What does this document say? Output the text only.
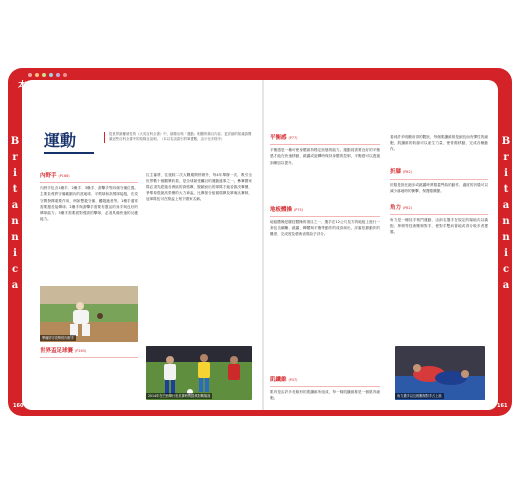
本書名詞索引 Index
四~七畫
B
r
i
t
a
n
n
i
c
a
B
r
i
t
a
n
n
i
c
a
160	161
運動	從世界最權威性的《大英百科全書》中，摘錄出與「運動」相關的條目內容，更詳細的知識請閱讀這些百科全書中的原條目說明。（本以名詞索引的筆畫數，由少至多排序）
內野手 (P168)
內野手包含1壘手、2壘手、3壘手、游擊手等四個守備位置。主要負責將守備範圍內的滾地球、平飛球和高飛球接殺，在攻守間發揮重要作用，例如雙殺守備、觸殺跑者等。1壘手通常需要擅長接傳球；2壘手與游擊手需要有靈活的身手與良好的傳球能力；3壘手需要面對強勁的擊球，必須具備快速的反應能力。
準備防守攻勢的內野手
世界盃足球賽 (P163)
拉主審將，往後除二次大戰期間停辦外，每4年舉辦一次，吸引全世界數十億觀眾收看，是全球最受矚目的運動盛事之一。參賽國家隊必須先經過各洲區的資格賽，脫穎而出的球隊才能晉級決賽圈，爭奪象徵最高榮譽的大力神盃。比賽採分組循環賽及單淘汰賽制，冠軍隊伍可在獎盃上刻下國家名稱。
2014年在巴西舉行世足賽時的經典對戰場面
平衡感 (P77)
平衡感是一種可使身體維持穩定狀態的能力。運動員需要良好的平衡感才能在快速移動、跳躍或旋轉時保持身體的控制，平衡感可以透過訓練加以提升。
地板體操 (P75)
地板體操是競技體操的項目之一，選手在12公尺見方的地板上進行一套包含翻騰、跳躍、轉體與平衡等動作的成套演出，評審依據動作的難度、完成度及藝術表現給予評分。
肌纖維 (P47)
肌肉是由許多長條形的肌纖維所組成，每一條肌纖維都是一個肌肉細胞。
看到許多明顯用得的體狀，每個肌纖維都是細長而有彈性的細胞，肌纖維的收縮可以產生力量，使骨骼移動，完成各種動作。
折膝 (P82)
折膝是指在跑步或跳躍時將膝蓋彎曲的動作，適度的折膝可以減少落地時的衝擊，保護膝關節。
角力 (P82)
角力是一種徒手格鬥運動，由兩名選手在規定的場地內以擒抱、摔倒等技術壓制對手，使對手雙肩著地或得分較多者獲勝。
角力選手以互相壓制對手占上風
